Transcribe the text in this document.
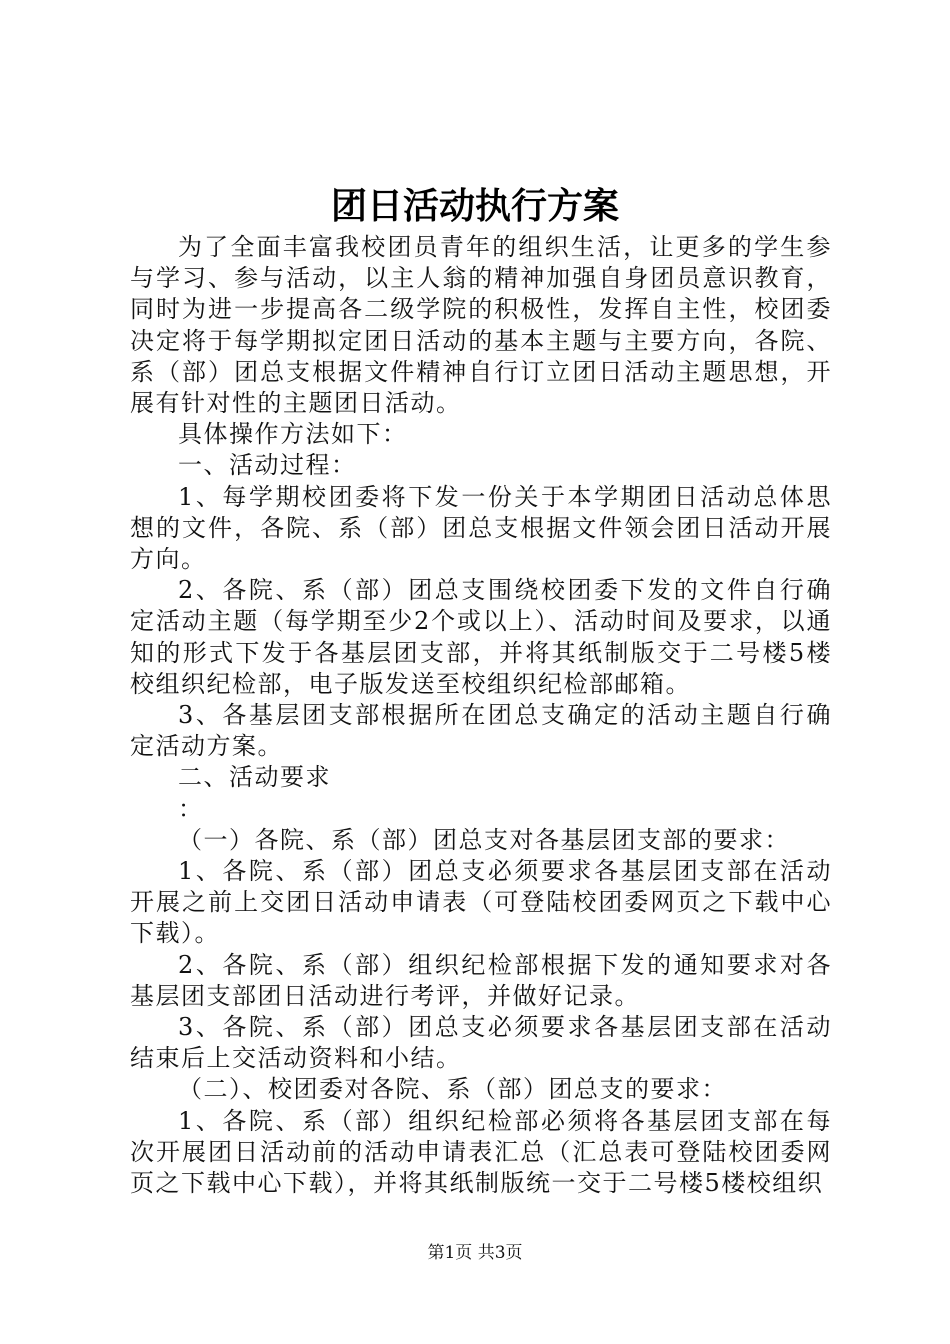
团日活动执行方案

为了全面丰富我校团员青年的组织生活，让更多的学生参与学习、参与活动，以主人翁的精神加强自身团员意识教育，同时为进一步提高各二级学院的积极性，发挥自主性，校团委决定将于每学期拟定团日活动的基本主题与主要方向，各院、系（部）团总支根据文件精神自行订立团日活动主题思想，开展有针对性的主题团日活动。

具体操作方法如下：

一、活动过程：

1、每学期校团委将下发一份关于本学期团日活动总体思想的文件，各院、系（部）团总支根据文件领会团日活动开展方向。

2、各院、系（部）团总支围绕校团委下发的文件自行确定活动主题（每学期至少2个或以上）、活动时间及要求，以通知的形式下发于各基层团支部，并将其纸制版交于二号楼5楼校组织纪检部，电子版发送至校组织纪检部邮箱。

3、各基层团支部根据所在团总支确定的活动主题自行确定活动方案。

二、活动要求

：

（一）各院、系（部）团总支对各基层团支部的要求：

1、各院、系（部）团总支必须要求各基层团支部在活动开展之前上交团日活动申请表（可登陆校团委网页之下载中心下载）。

2、各院、系（部）组织纪检部根据下发的通知要求对各基层团支部团日活动进行考评，并做好记录。

3、各院、系（部）团总支必须要求各基层团支部在活动结束后上交活动资料和小结。

（二）、校团委对各院、系（部）团总支的要求：

1、各院、系（部）组织纪检部必须将各基层团支部在每次开展团日活动前的活动申请表汇总（汇总表可登陆校团委网页之下载中心下载），并将其纸制版统一交于二号楼5楼校组织

第1页 共3页
